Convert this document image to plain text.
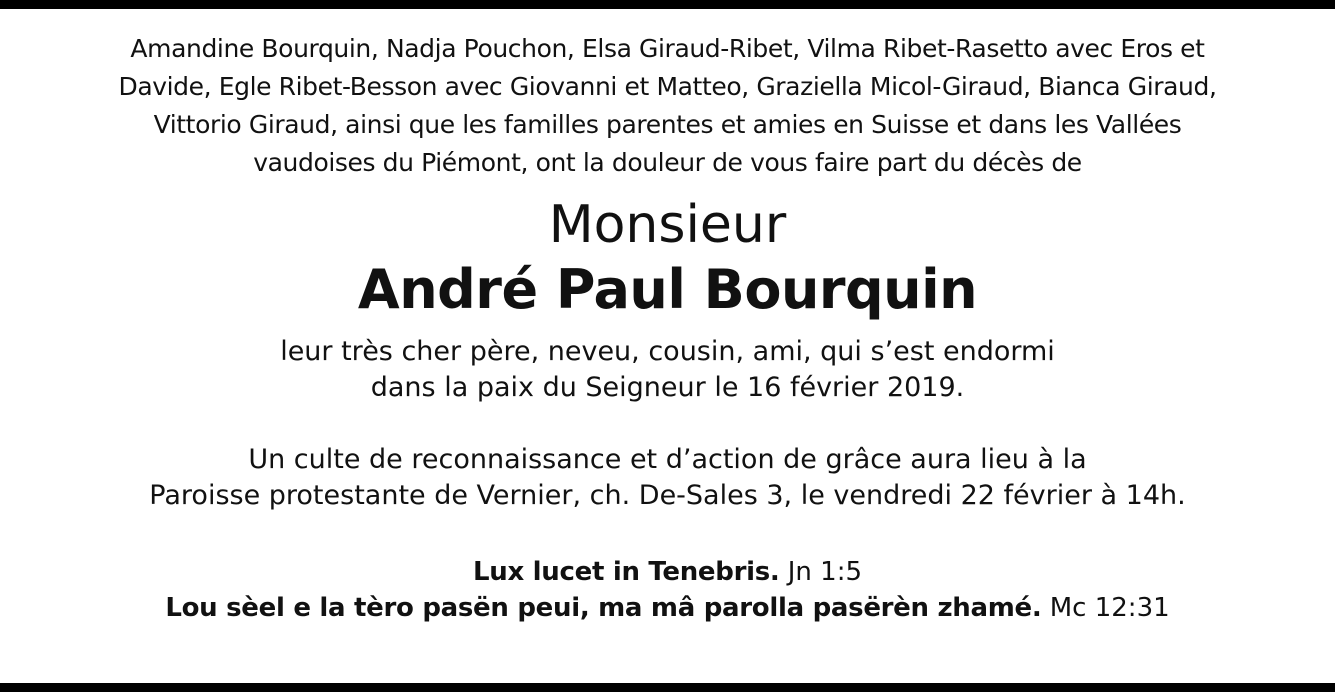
Amandine Bourquin, Nadja Pouchon, Elsa Giraud-Ribet, Vilma Ribet-Rasetto avec Eros et

Davide, Egle Ribet-Besson avec Giovanni et Matteo, Graziella Micol-Giraud, Bianca Giraud,

Vittorio Giraud, ainsi que les familles parentes et amies en Suisse et dans les Vallées

vaudoises du Piémont, ont la douleur de vous faire part du décès de

Monsieur
André Paul Bourquin

leur très cher père, neveu, cousin, ami, qui s’est endormi

dans la paix du Seigneur le 16 février 2019.

Un culte de reconnaissance et d’action de grâce aura lieu à la

Paroisse protestante de Vernier, ch. De-Sales 3, le vendredi 22 février à 14h.

Lux lucet in Tenebris. Jn 1:5

Lou sèel e la tèro pasën peui, ma mâ parolla pasërèn zhamé. Mc 12:31
